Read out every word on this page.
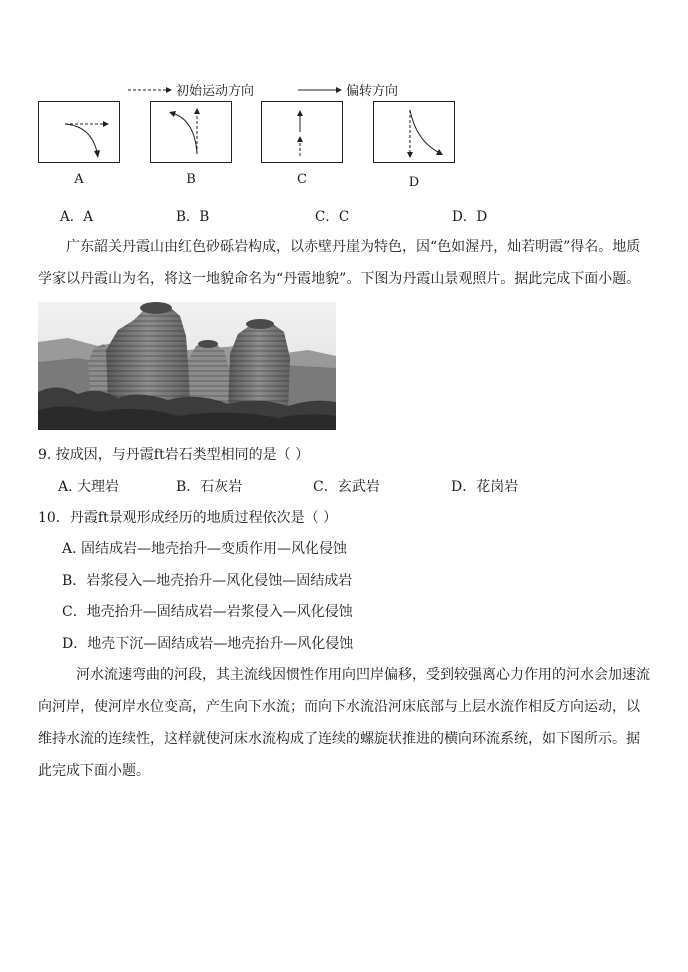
初始运动方向	偏转方向
A	B	C	D
A．A	B．B	C．C	D．D
广东韶关丹霞山由红色砂砾岩构成，以赤壁丹崖为特色，因“色如渥丹，灿若明霞”得名。地质
学家以丹霞山为名，将这一地貌命名为“丹霞地貌”。下图为丹霞山景观照片。据此完成下面小题。
9. 按成因，与丹霞ft岩石类型相同的是（ ）
A. 大理岩	B．石灰岩	C．玄武岩	D．花岗岩
10．丹霞ft景观形成经历的地质过程依次是（ ）
A. 固结成岩—地壳抬升—变质作用—风化侵蚀
B．岩浆侵入—地壳抬升—风化侵蚀—固结成岩
C．地壳抬升—固结成岩—岩浆侵入—风化侵蚀
D．地壳下沉—固结成岩—地壳抬升—风化侵蚀
河水流速弯曲的河段，其主流线因惯性作用向凹岸偏移，受到较强离心力作用的河水会加速流
向河岸，使河岸水位变高，产生向下水流；而向下水流沿河床底部与上层水流作相反方向运动，以
维持水流的连续性，这样就使河床水流构成了连续的螺旋状推进的横向环流系统，如下图所示。据
此完成下面小题。
